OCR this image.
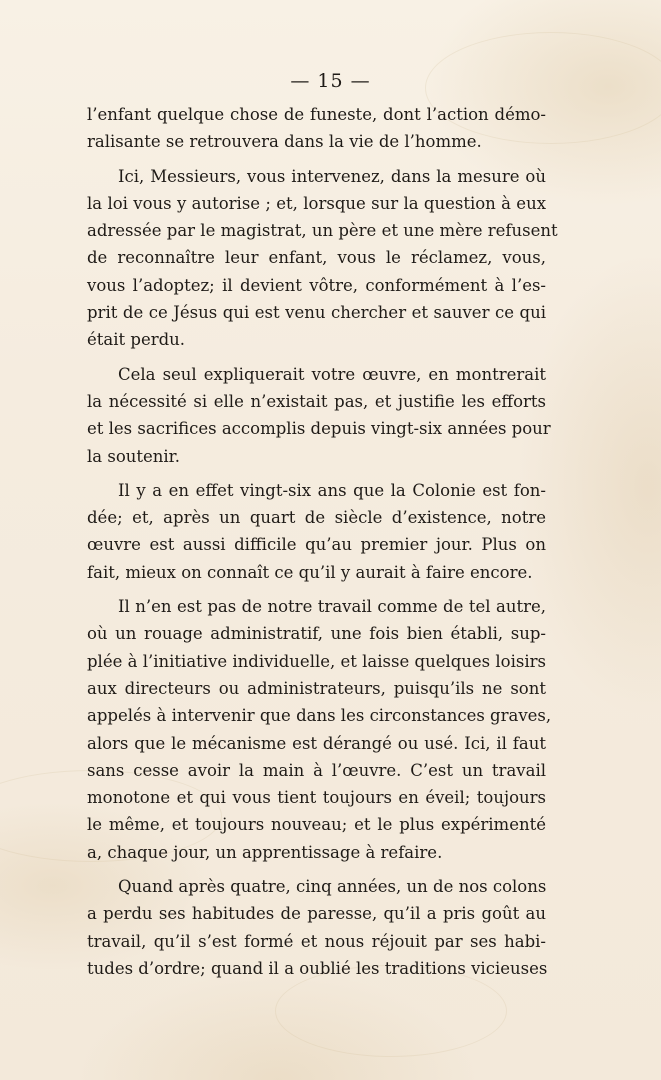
— 15 —
l’enfant quelque chose de funeste, dont l’action démo-
ralisante se retrouvera dans la vie de l’homme.
Ici, Messieurs, vous intervenez, dans la mesure où
la loi vous y autorise ; et, lorsque sur la question à eux
adressée par le magistrat, un père et une mère refusent
de reconnaître leur enfant, vous le réclamez, vous,
vous l’adoptez; il devient vôtre, conformément à l’es-
prit de ce Jésus qui est venu chercher et sauver ce qui
était perdu.
Cela seul expliquerait votre œuvre, en montrerait
la nécessité si elle n’existait pas, et justifie les efforts
et les sacrifices accomplis depuis vingt-six années pour
la soutenir.
Il y a en effet vingt-six ans que la Colonie est fon-
dée; et, après un quart de siècle d’existence, notre
œuvre est aussi difficile qu’au premier jour. Plus on
fait, mieux on connaît ce qu’il y aurait à faire encore.
Il n’en est pas de notre travail comme de tel autre,
où un rouage administratif, une fois bien établi, sup-
plée à l’initiative individuelle, et laisse quelques loisirs
aux directeurs ou administrateurs, puisqu’ils ne sont
appelés à intervenir que dans les circonstances graves,
alors que le mécanisme est dérangé ou usé. Ici, il faut
sans cesse avoir la main à l’œuvre. C’est un travail
monotone et qui vous tient toujours en éveil; toujours
le même, et toujours nouveau; et le plus expérimenté
a, chaque jour, un apprentissage à refaire.
Quand après quatre, cinq années, un de nos colons
a perdu ses habitudes de paresse, qu’il a pris goût au
travail, qu’il s’est formé et nous réjouit par ses habi-
tudes d’ordre; quand il a oublié les traditions vicieuses
